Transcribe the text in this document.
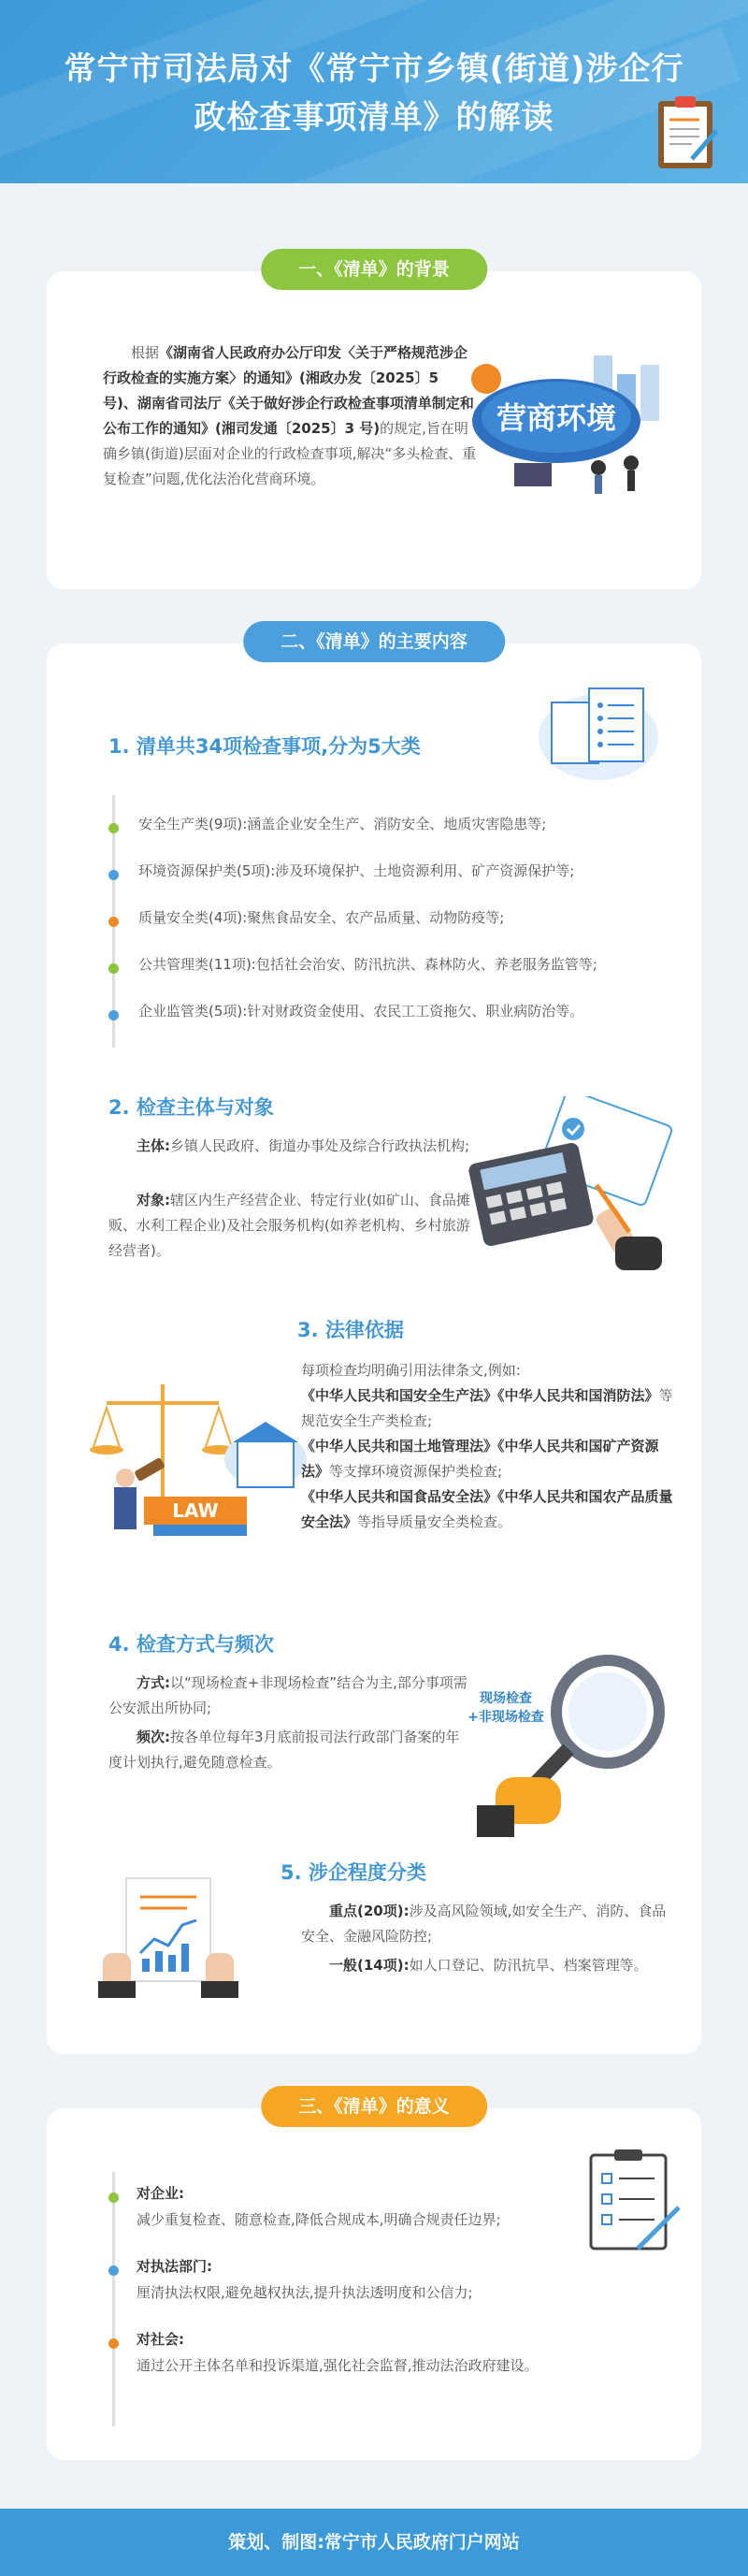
常宁市司法局对《常宁市乡镇(街道)涉企行政检查事项清单》的解读
一、《清单》的背景
根据《湖南省人民政府办公厅印发〈关于严格规范涉企行政检查的实施方案〉的通知》(湘政办发〔2025〕5 号)、湖南省司法厅《关于做好涉企行政检查事项清单制定和公布工作的通知》(湘司发通〔2025〕3 号)的规定,旨在明确乡镇(街道)层面对企业的行政检查事项,解决“多头检查、重复检查”问题,优化法治化营商环境。
营商环境
二、《清单》的主要内容
1. 清单共34项检查事项,分为5大类
安全生产类(9项):涵盖企业安全生产、消防安全、地质灾害隐患等;
环境资源保护类(5项):涉及环境保护、土地资源利用、矿产资源保护等;
质量安全类(4项):聚焦食品安全、农产品质量、动物防疫等;
公共管理类(11项):包括社会治安、防汛抗洪、森林防火、养老服务监管等;
企业监管类(5项):针对财政资金使用、农民工工资拖欠、职业病防治等。
2. 检查主体与对象
主体:乡镇人民政府、街道办事处及综合行政执法机构;
对象:辖区内生产经营企业、特定行业(如矿山、食品摊贩、水利工程企业)及社会服务机构(如养老机构、乡村旅游经营者)。
3. 法律依据
LAW
每项检查均明确引用法律条文,例如:
《中华人民共和国安全生产法》《中华人民共和国消防法》等规范安全生产类检查;
《中华人民共和国土地管理法》《中华人民共和国矿产资源法》等支撑环境资源保护类检查;
《中华人民共和国食品安全法》《中华人民共和国农产品质量安全法》等指导质量安全类检查。
4. 检查方式与频次
方式:以“现场检查+非现场检查”结合为主,部分事项需公安派出所协同;
频次:按各单位每年3月底前报司法行政部门备案的年度计划执行,避免随意检查。
现场检查
+非现场检查
5. 涉企程度分类
重点(20项):涉及高风险领域,如安全生产、消防、食品安全、金融风险防控;
一般(14项):如人口登记、防汛抗旱、档案管理等。
三、《清单》的意义
对企业:
减少重复检查、随意检查,降低合规成本,明确合规责任边界;
对执法部门:
厘清执法权限,避免越权执法,提升执法透明度和公信力;
对社会:
通过公开主体名单和投诉渠道,强化社会监督,推动法治政府建设。
策划、制图:常宁市人民政府门户网站
